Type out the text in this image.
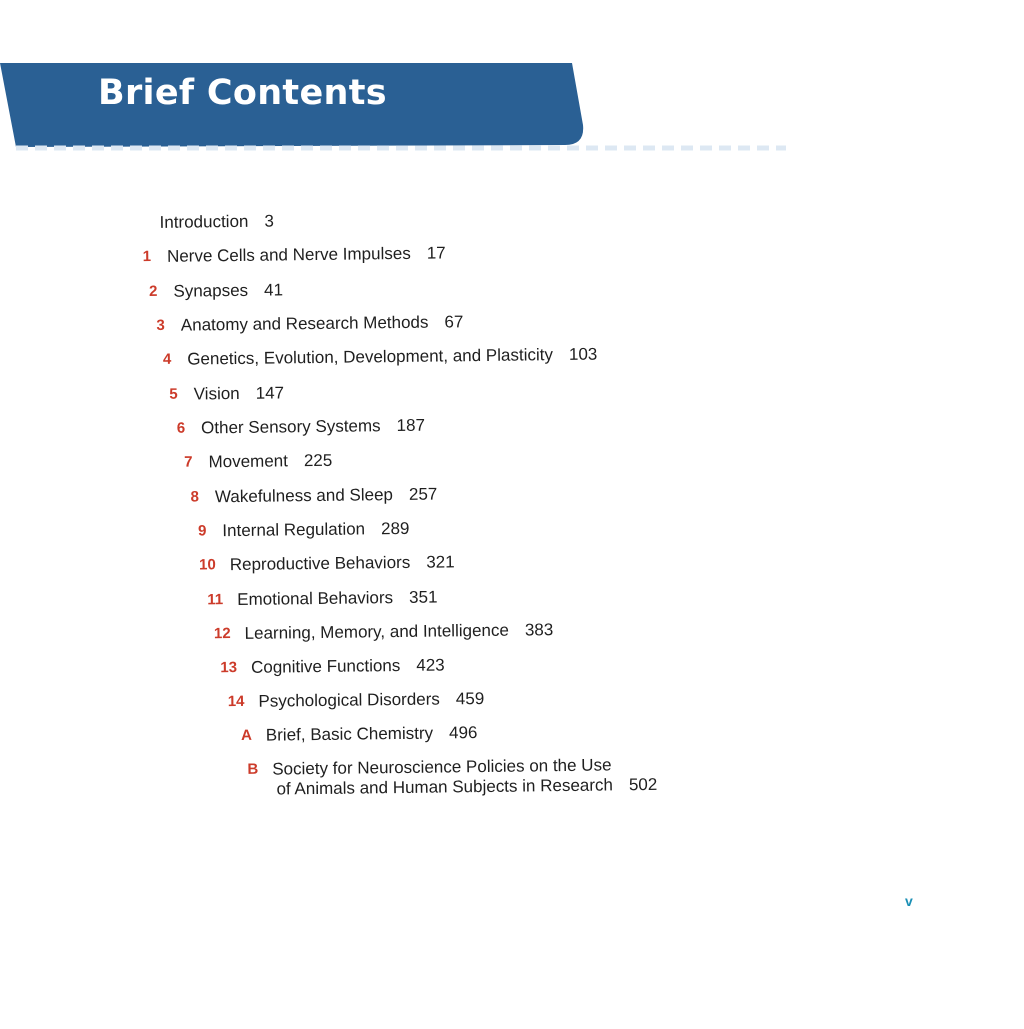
Brief Contents
Introduction 3
1 Nerve Cells and Nerve Impulses 17
2 Synapses 41
3 Anatomy and Research Methods 67
4 Genetics, Evolution, Development, and Plasticity 103
5 Vision 147
6 Other Sensory Systems 187
7 Movement 225
8 Wakefulness and Sleep 257
9 Internal Regulation 289
10 Reproductive Behaviors 321
11 Emotional Behaviors 351
12 Learning, Memory, and Intelligence 383
13 Cognitive Functions 423
14 Psychological Disorders 459
A Brief, Basic Chemistry 496
B Society for Neuroscience Policies on the Use
of Animals and Human Subjects in Research 502
v
